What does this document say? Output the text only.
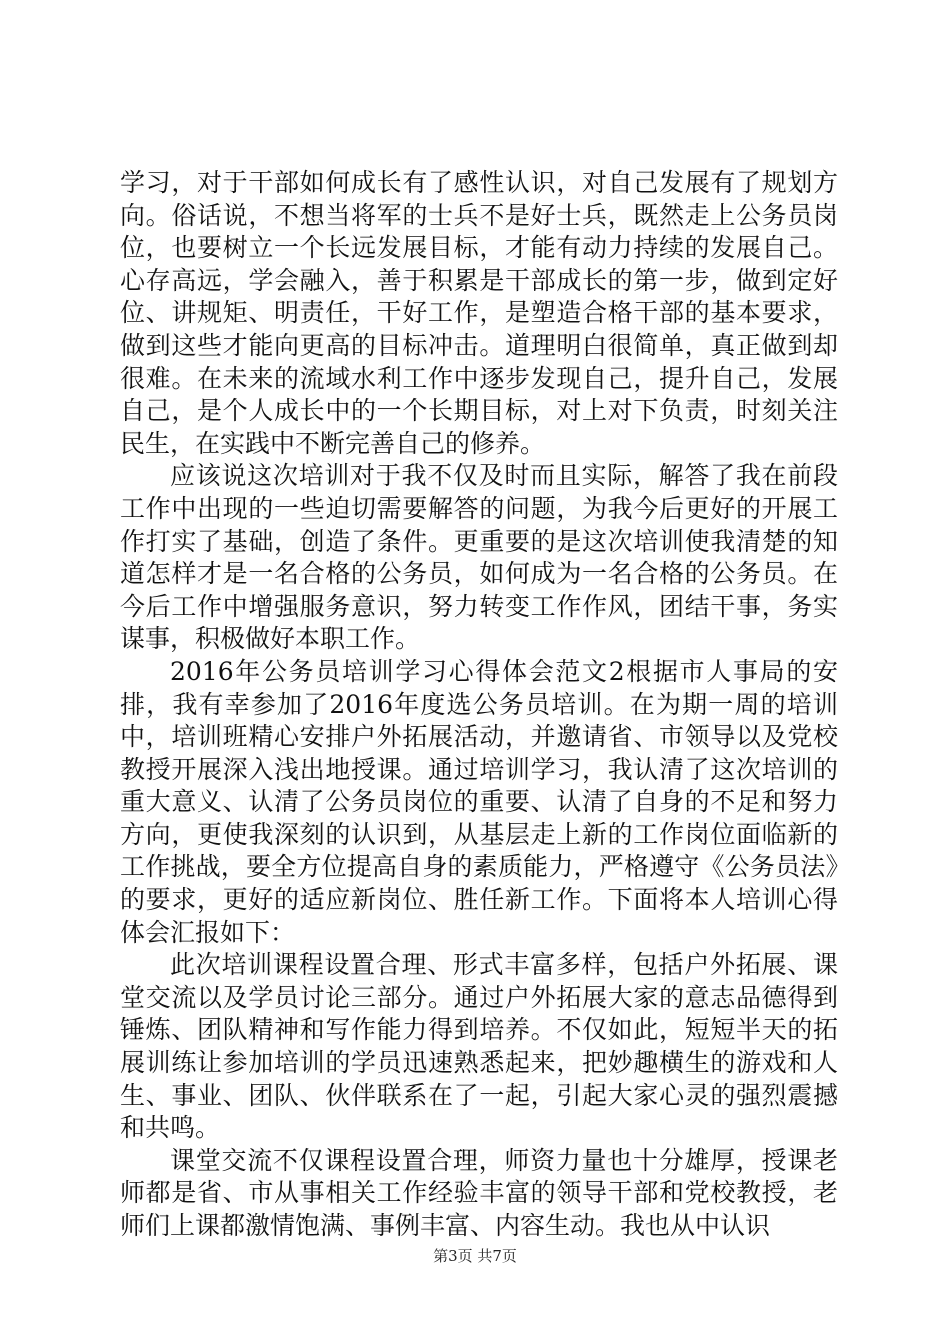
学习，对于干部如何成长有了感性认识，对自己发展有了规划方向。俗话说，不想当将军的士兵不是好士兵，既然走上公务员岗位，也要树立一个长远发展目标，才能有动力持续的发展自己。心存高远，学会融入，善于积累是干部成长的第一步，做到定好位、讲规矩、明责任，干好工作，是塑造合格干部的基本要求，做到这些才能向更高的目标冲击。道理明白很简单，真正做到却很难。在未来的流域水利工作中逐步发现自己，提升自己，发展自己，是个人成长中的一个长期目标，对上对下负责，时刻关注民生，在实践中不断完善自己的修养。

应该说这次培训对于我不仅及时而且实际，解答了我在前段工作中出现的一些迫切需要解答的问题，为我今后更好的开展工作打实了基础，创造了条件。更重要的是这次培训使我清楚的知道怎样才是一名合格的公务员，如何成为一名合格的公务员。在今后工作中增强服务意识，努力转变工作作风，团结干事，务实谋事，积极做好本职工作。

2016年公务员培训学习心得体会范文2根据市人事局的安排，我有幸参加了2016年度选公务员培训。在为期一周的培训中，培训班精心安排户外拓展活动，并邀请省、市领导以及党校教授开展深入浅出地授课。通过培训学习，我认清了这次培训的重大意义、认清了公务员岗位的重要、认清了自身的不足和努力方向，更使我深刻的认识到，从基层走上新的工作岗位面临新的工作挑战，要全方位提高自身的素质能力，严格遵守《公务员法》的要求，更好的适应新岗位、胜任新工作。下面将本人培训心得体会汇报如下：

此次培训课程设置合理、形式丰富多样，包括户外拓展、课堂交流以及学员讨论三部分。通过户外拓展大家的意志品德得到锤炼、团队精神和写作能力得到培养。不仅如此，短短半天的拓展训练让参加培训的学员迅速熟悉起来，把妙趣横生的游戏和人生、事业、团队、伙伴联系在了一起，引起大家心灵的强烈震撼和共鸣。

课堂交流不仅课程设置合理，师资力量也十分雄厚，授课老师都是省、市从事相关工作经验丰富的领导干部和党校教授，老师们上课都激情饱满、事例丰富、内容生动。我也从中认识

第3页 共7页
